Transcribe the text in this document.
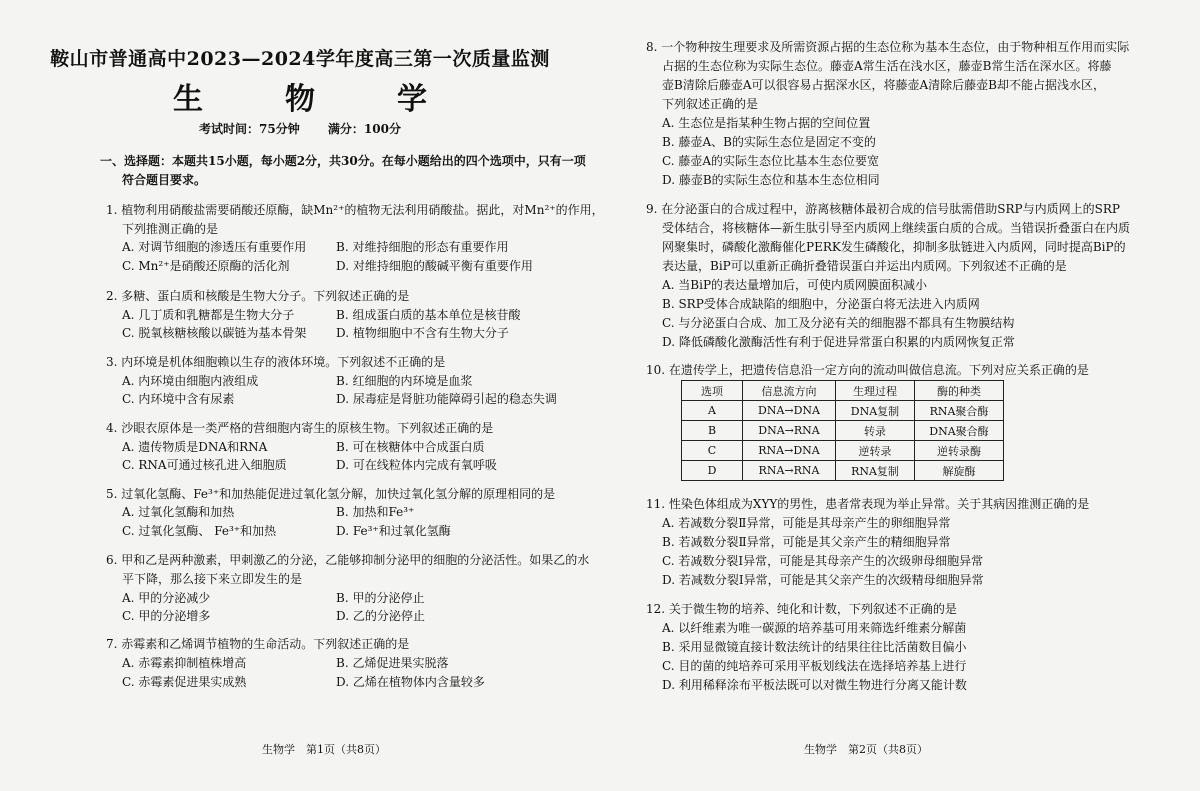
鞍山市普通高中2023—2024学年度高三第一次质量监测
生　物　学
考试时间：75分钟 满分：100分
一、选择题：本题共15小题，每小题2分，共30分。在每小题给出的四个选项中，只有一项
符合题目要求。
1. 植物利用硝酸盐需要硝酸还原酶，缺Mn²⁺的植物无法利用硝酸盐。据此，对Mn²⁺的作用，
下列推测正确的是
A. 对调节细胞的渗透压有重要作用 B. 对维持细胞的形态有重要作用
C. Mn²⁺是硝酸还原酶的活化剂	D. 对维持细胞的酸碱平衡有重要作用
2. 多糖、蛋白质和核酸是生物大分子。下列叙述正确的是
A. 几丁质和乳糖都是生物大分子	B. 组成蛋白质的基本单位是核苷酸
C. 脱氧核糖核酸以碳链为基本骨架 D. 植物细胞中不含有生物大分子
3. 内环境是机体细胞赖以生存的液体环境。下列叙述不正确的是
A. 内环境由细胞内液组成	B. 红细胞的内环境是血浆
C. 内环境中含有尿素	D. 尿毒症是肾脏功能障碍引起的稳态失调
4. 沙眼衣原体是一类严格的营细胞内寄生的原核生物。下列叙述正确的是
A. 遗传物质是DNA和RNA	B. 可在核糖体中合成蛋白质
C. RNA可通过核孔进入细胞质	D. 可在线粒体内完成有氧呼吸
5. 过氧化氢酶、Fe³⁺和加热能促进过氧化氢分解，加快过氧化氢分解的原理相同的是
A. 过氧化氢酶和加热	B. 加热和Fe³⁺
C. 过氧化氢酶、 Fe³⁺和加热	D. Fe³⁺和过氧化氢酶
6. 甲和乙是两种激素，甲刺激乙的分泌，乙能够抑制分泌甲的细胞的分泌活性。如果乙的水
平下降，那么接下来立即发生的是
A. 甲的分泌减少	B. 甲的分泌停止
C. 甲的分泌增多	D. 乙的分泌停止
7. 赤霉素和乙烯调节植物的生命活动。下列叙述正确的是
A. 赤霉素抑制植株增高	B. 乙烯促进果实脱落
C. 赤霉素促进果实成熟	D. 乙烯在植物体内含量较多
生物学　第1页（共8页）
8. 一个物种按生理要求及所需资源占据的生态位称为基本生态位，由于物种相互作用而实际
占据的生态位称为实际生态位。藤壶A常生活在浅水区，藤壶B常生活在深水区。将藤
壶B清除后藤壶A可以很容易占据深水区，将藤壶A清除后藤壶B却不能占据浅水区，
下列叙述正确的是
A. 生态位是指某种生物占据的空间位置
B. 藤壶A、B的实际生态位是固定不变的
C. 藤壶A的实际生态位比基本生态位要宽
D. 藤壶B的实际生态位和基本生态位相同
9. 在分泌蛋白的合成过程中，游离核糖体最初合成的信号肽需借助SRP与内质网上的SRP
受体结合，将核糖体—新生肽引导至内质网上继续蛋白质的合成。当错误折叠蛋白在内质
网聚集时，磷酸化激酶催化PERK发生磷酸化，抑制多肽链进入内质网，同时提高BiP的
表达量，BiP可以重新正确折叠错误蛋白并运出内质网。下列叙述不正确的是
A. 当BiP的表达量增加后，可使内质网膜面积减小
B. SRP受体合成缺陷的细胞中，分泌蛋白将无法进入内质网
C. 与分泌蛋白合成、加工及分泌有关的细胞器不都具有生物膜结构
D. 降低磷酸化激酶活性有利于促进异常蛋白积累的内质网恢复正常
10. 在遗传学上，把遗传信息沿一定方向的流动叫做信息流。下列对应关系正确的是
选项	信息流方向	生理过程	酶的种类
A	DNA→DNA	DNA复制	RNA聚合酶
B	DNA→RNA	转录	DNA聚合酶
C	RNA→DNA	逆转录	逆转录酶
D	RNA→RNA	RNA复制	解旋酶
11. 性染色体组成为XYY的男性，患者常表现为举止异常。关于其病因推测正确的是
A. 若减数分裂Ⅱ异常，可能是其母亲产生的卵细胞异常
B. 若减数分裂Ⅱ异常，可能是其父亲产生的精细胞异常
C. 若减数分裂Ⅰ异常，可能是其母亲产生的次级卵母细胞异常
D. 若减数分裂Ⅰ异常，可能是其父亲产生的次级精母细胞异常
12. 关于微生物的培养、纯化和计数，下列叙述不正确的是
A. 以纤维素为唯一碳源的培养基可用来筛选纤维素分解菌
B. 采用显微镜直接计数法统计的结果往往比活菌数目偏小
C. 目的菌的纯培养可采用平板划线法在选择培养基上进行
D. 利用稀释涂布平板法既可以对微生物进行分离又能计数
生物学　第2页（共8页）
